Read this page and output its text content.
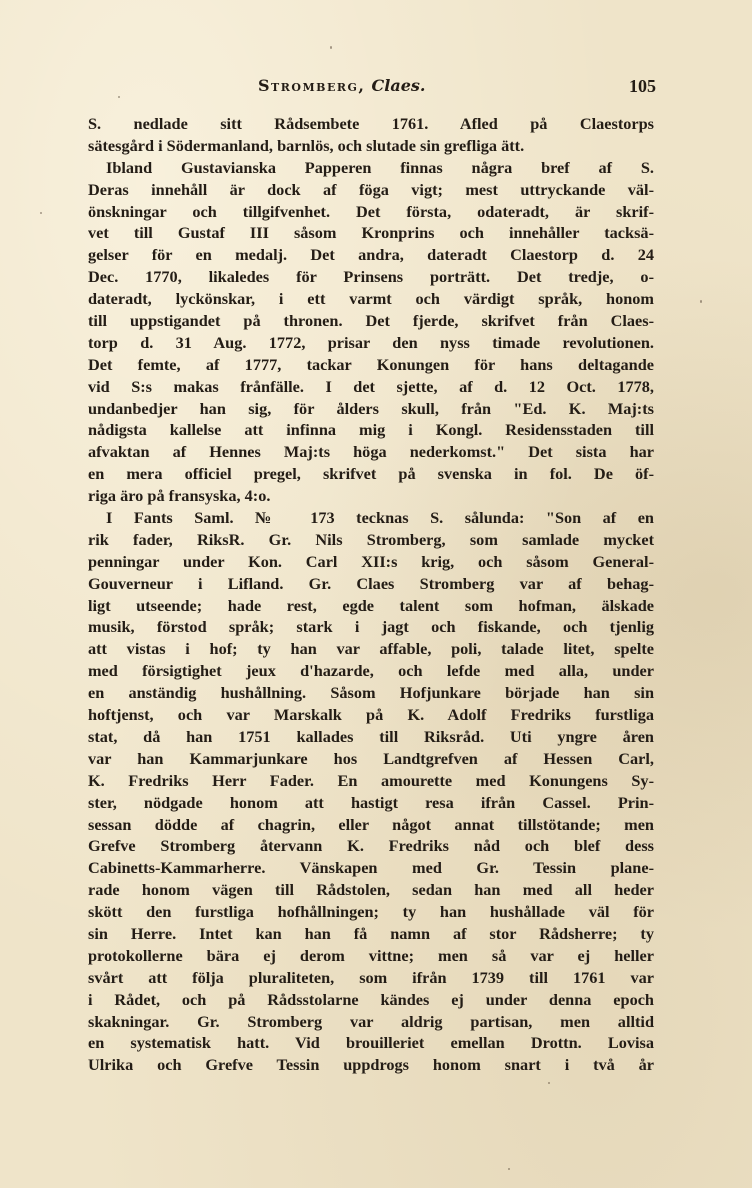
Stromberg, Claes.	105
S. nedlade sitt Rådsembete 1761. Afled på Claestorps
sätesgård i Södermanland, barnlös, och slutade sin grefliga ätt.
Ibland Gustavianska Papperen finnas några bref af S.
Deras innehåll är dock af föga vigt; mest uttryckande väl-
önskningar och tillgifvenhet. Det första, odateradt, är skrif-
vet till Gustaf III såsom Kronprins och innehåller tacksä-
gelser för en medalj. Det andra, dateradt Claestorp d. 24
Dec. 1770, likaledes för Prinsens porträtt. Det tredje, o-
dateradt, lyckönskar, i ett varmt och värdigt språk, honom
till uppstigandet på thronen. Det fjerde, skrifvet från Claes-
torp d. 31 Aug. 1772, prisar den nyss timade revolutionen.
Det femte, af 1777, tackar Konungen för hans deltagande
vid S:s makas frånfälle. I det sjette, af d. 12 Oct. 1778,
undanbedjer han sig, för ålders skull, från "Ed. K. Maj:ts
nådigsta kallelse att infinna mig i Kongl. Residensstaden till
afvaktan af Hennes Maj:ts höga nederkomst." Det sista har
en mera officiel pregel, skrifvet på svenska in fol. De öf-
riga äro på fransyska, 4:o.
I Fants Saml. № 173 tecknas S. sålunda: "Son af en
rik fader, RiksR. Gr. Nils Stromberg, som samlade mycket
penningar under Kon. Carl XII:s krig, och såsom General-
Gouverneur i Lifland. Gr. Claes Stromberg var af behag-
ligt utseende; hade rest, egde talent som hofman, älskade
musik, förstod språk; stark i jagt och fiskande, och tjenlig
att vistas i hof; ty han var affable, poli, talade litet, spelte
med försigtighet jeux d'hazarde, och lefde med alla, under
en anständig hushållning. Såsom Hofjunkare började han sin
hoftjenst, och var Marskalk på K. Adolf Fredriks furstliga
stat, då han 1751 kallades till Riksråd. Uti yngre åren
var han Kammarjunkare hos Landtgrefven af Hessen Carl,
K. Fredriks Herr Fader. En amourette med Konungens Sy-
ster, nödgade honom att hastigt resa ifrån Cassel. Prin-
sessan dödde af chagrin, eller något annat tillstötande; men
Grefve Stromberg återvann K. Fredriks nåd och blef dess
Cabinetts-Kammarherre. Vänskapen med Gr. Tessin plane-
rade honom vägen till Rådstolen, sedan han med all heder
skött den furstliga hofhållningen; ty han hushållade väl för
sin Herre. Intet kan han få namn af stor Rådsherre; ty
protokollerne bära ej derom vittne; men så var ej heller
svårt att följa pluraliteten, som ifrån 1739 till 1761 var
i Rådet, och på Rådsstolarne kändes ej under denna epoch
skakningar. Gr. Stromberg var aldrig partisan, men alltid
en systematisk hatt. Vid brouilleriet emellan Drottn. Lovisa
Ulrika och Grefve Tessin uppdrogs honom snart i två år
